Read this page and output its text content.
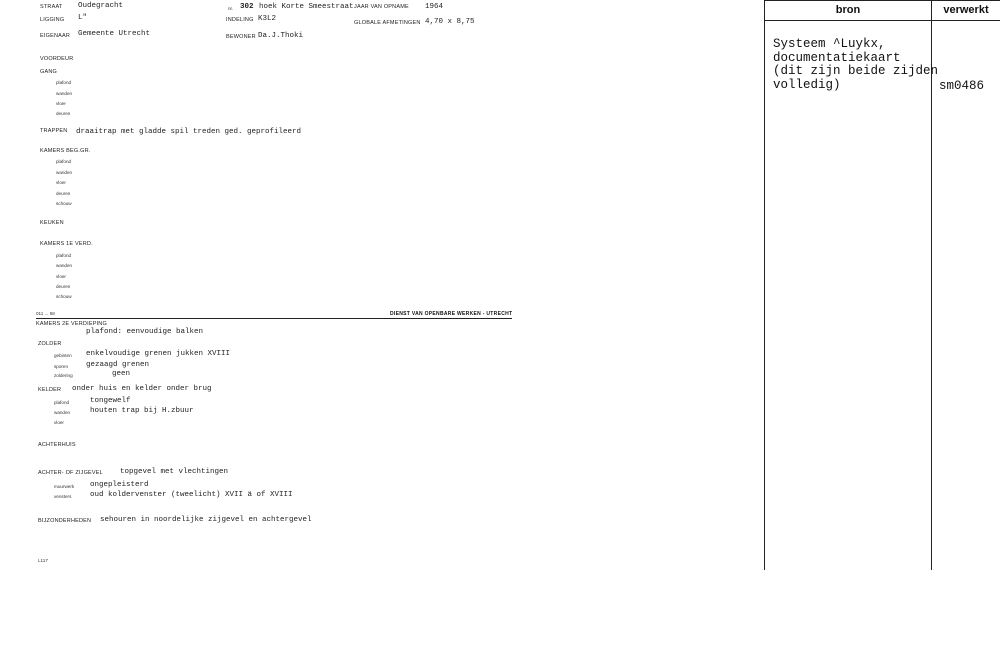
STRAAT Oudegracht	nr. 302 hoek Korte Smeestraat JAAR VAN OPNAME 1964
LIGGING L"	INDELING K3L2	GLOBALE AFMETINGEN 4,70 x 8,75
EIGENAAR Gemeente Utrecht	BEWONER Da.J.Thoki
VOORDEUR
GANG
plafond
wanden
vloer
deuren
TRAPPEN draaitrap met gladde spil treden ged. geprofileerd
KAMERS BEG.GR.
plafond
wanden
vloer
deuren
schouw
KEUKEN
KAMERS 1E VERD.
plafond
wanden
vloer
deuren
schouw
011 ... 68	DIENST VAN OPENBARE WERKEN - UTRECHT
KAMERS 2E VERDIEPING
plafond: eenvoudige balken
ZOLDER
gebinten enkelvoudige grenen jukken XVIII
sporen gezaagd grenen
zoldering	geen
KELDER onder huis en kelder onder brug
plafond	tongewelf
wanden	houten trap bij H.zbuur
vloer
ACHTERHUIS
ACHTER- OF ZIJGEVEL topgevel met vlechtingen
muurwerk ongepleisterd
vensters oud koldervenster (tweelicht) XVII ä of XVIII
BIJZONDERHEDEN sehouren in noordelijke zijgevel en achtergevel
L117
bron	verwerkt
Systeem ^Luykx,
documentatiekaart
(dit zijn beide zijden
volledig)	sm0486
